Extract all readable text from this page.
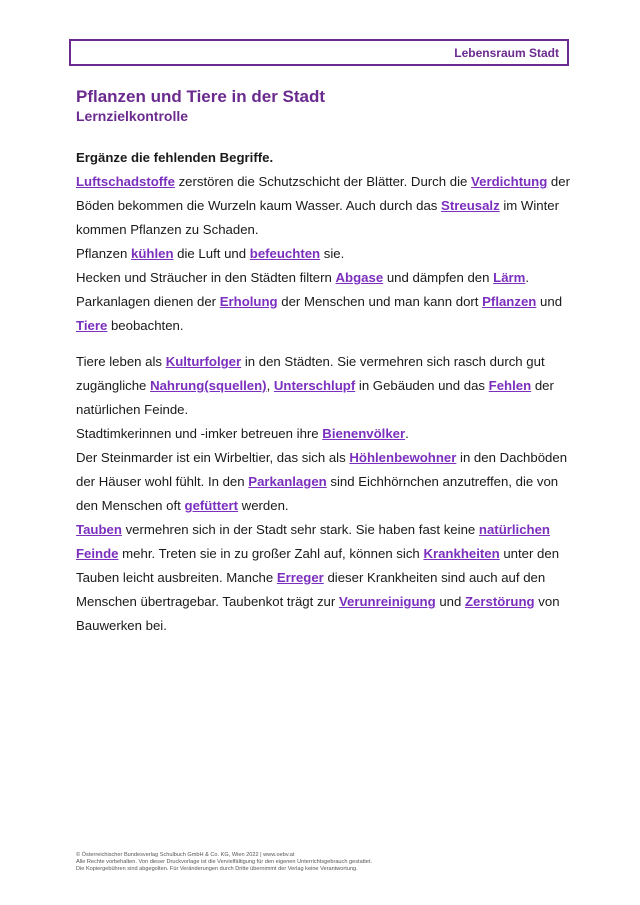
Lebensraum Stadt
Pflanzen und Tiere in der Stadt
Lernzielkontrolle
Ergänze die fehlenden Begriffe.

Luftschadstoffe zerstören die Schutzschicht der Blätter. Durch die Verdichtung der Böden bekommen die Wurzeln kaum Wasser. Auch durch das Streusalz im Winter kommen Pflanzen zu Schaden.

Pflanzen kühlen die Luft und befeuchten sie.

Hecken und Sträucher in den Städten filtern Abgase und dämpfen den Lärm.

Parkanlagen dienen der Erholung der Menschen und man kann dort Pflanzen und Tiere beobachten.

Tiere leben als Kulturfolger in den Städten. Sie vermehren sich rasch durch gut zugängliche Nahrung(squellen), Unterschlupf in Gebäuden und das Fehlen der natürlichen Feinde.

Stadtimkerinnen und -imker betreuen ihre Bienenvölker.

Der Steinmarder ist ein Wirbeltier, das sich als Höhlenbewohner in den Dachböden der Häuser wohl fühlt. In den Parkanlagen sind Eichhörnchen anzutreffen, die von den Menschen oft gefüttert werden.

Tauben vermehren sich in der Stadt sehr stark. Sie haben fast keine natürlichen Feinde mehr. Treten sie in zu großer Zahl auf, können sich Krankheiten unter den Tauben leicht ausbreiten. Manche Erreger dieser Krankheiten sind auch auf den Menschen übertragebar. Taubenkot trägt zur Verunreinigung und Zerstörung von Bauwerken bei.

© Österreichischer Bundesverlag Schulbuch GmbH & Co. KG, Wien 2022 | www.oebv.at
Alle Rechte vorbehalten. Von dieser Druckvorlage ist die Vervielfältigung für den eigenen Unterrichtsgebrauch gestattet.
Die Kopiergebühren sind abgegolten. Für Veränderungen durch Dritte übernimmt der Verlag keine Verantwortung.
